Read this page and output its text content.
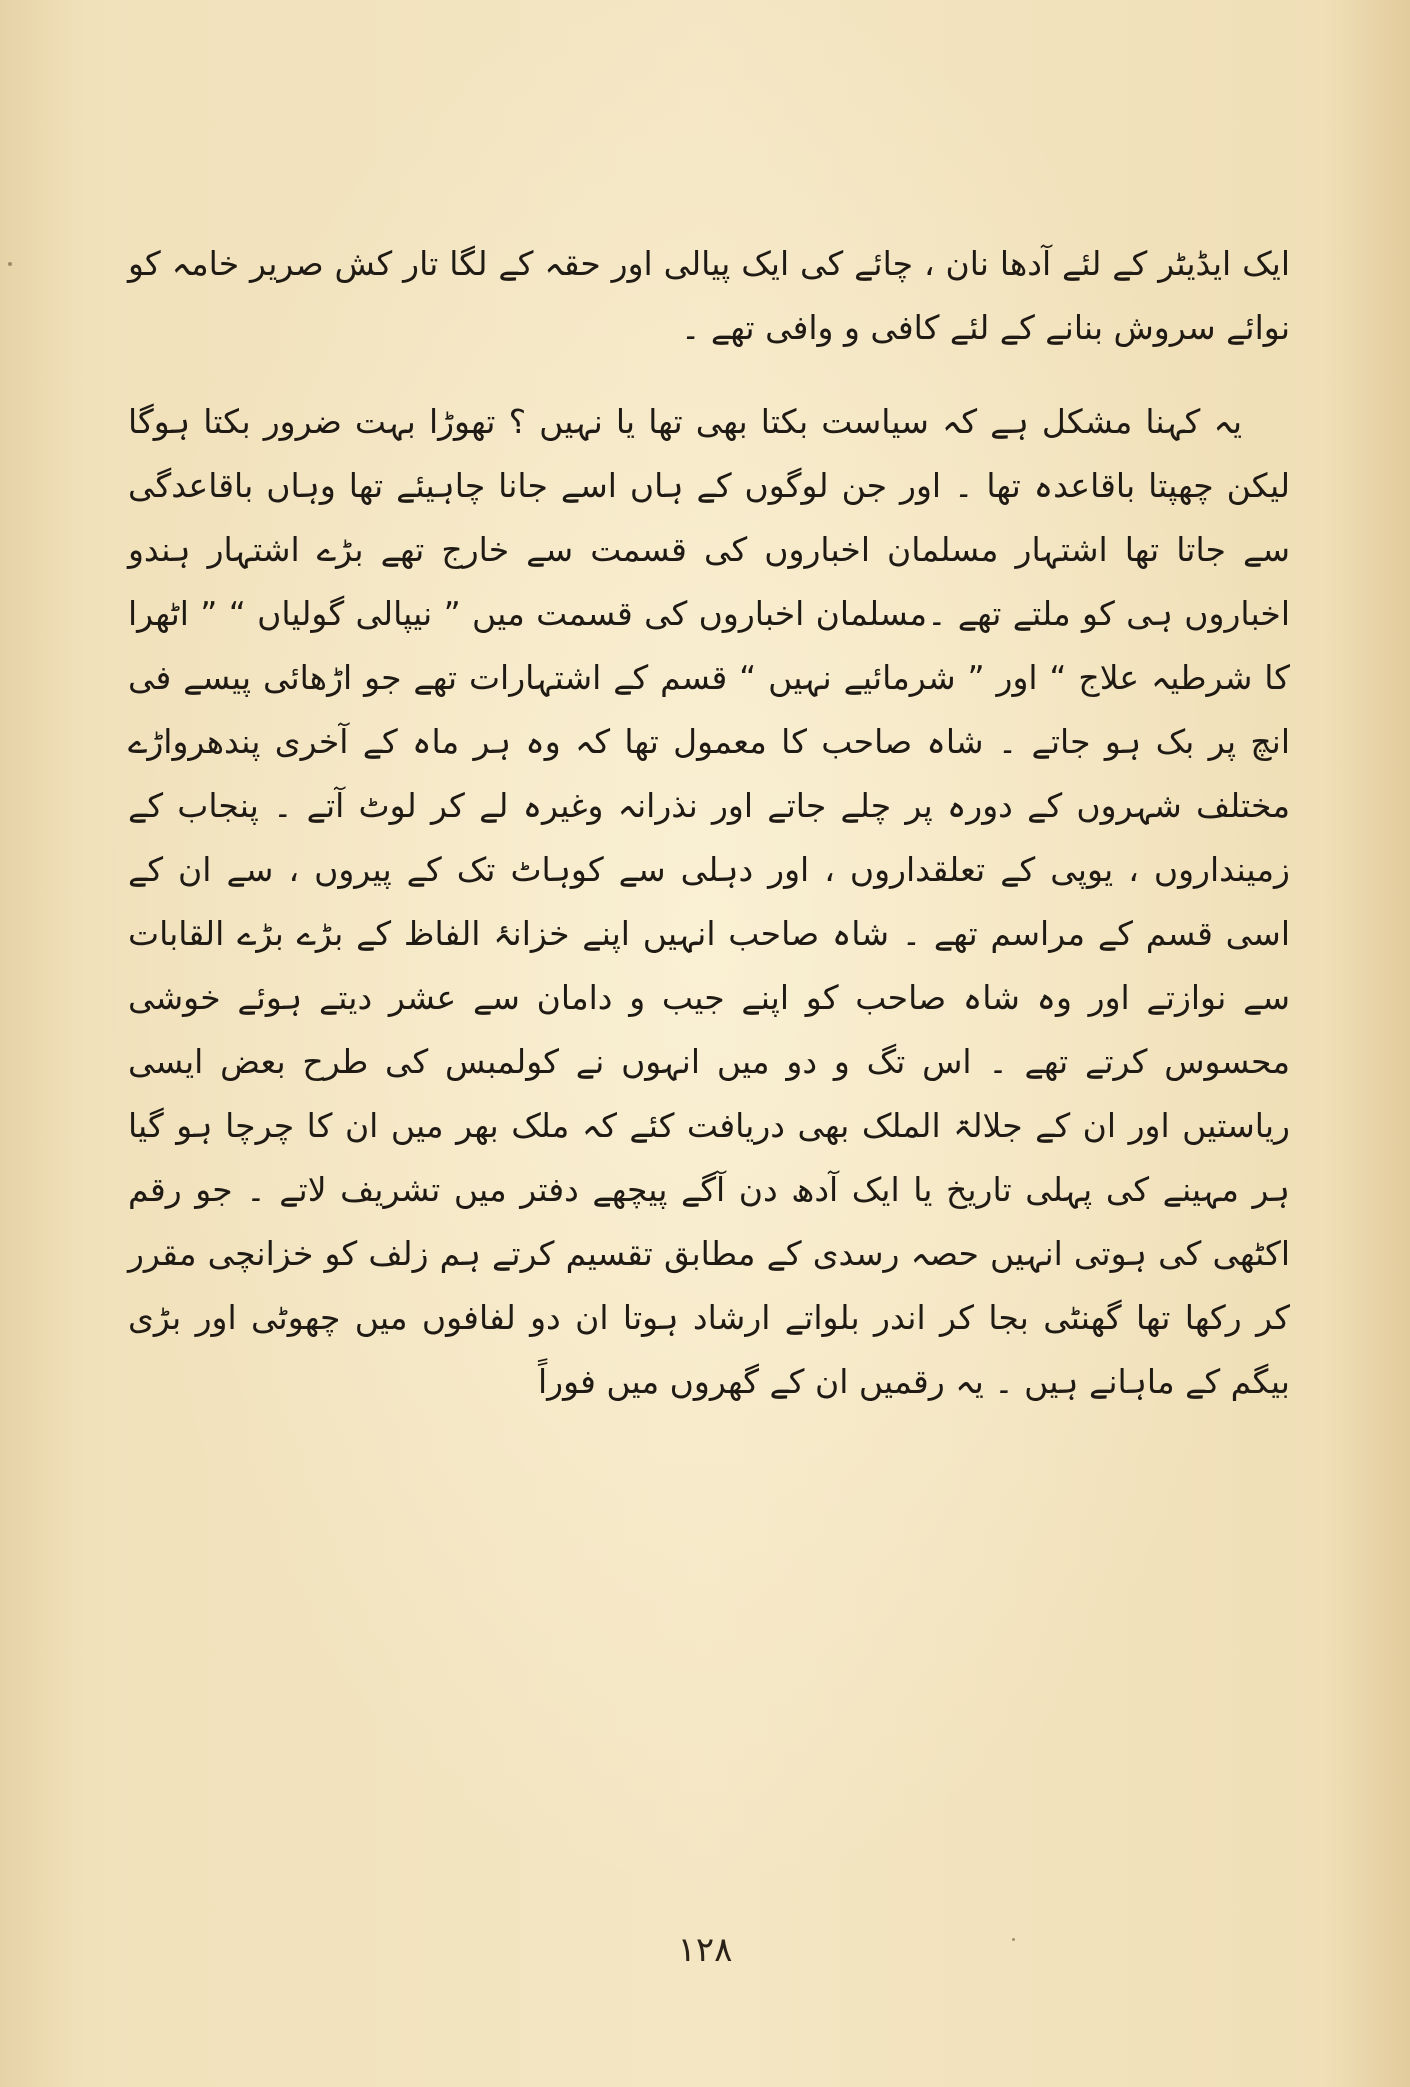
ایک ایڈیٹر کے لئے آدھا نان ، چائے کی ایک پیالی اور حقہ کے لگا تار کش صریر خامہ کو نوائے سروش بنانے کے لئے کافی و وافی تھے ۔

یہ کہنا مشکل ہے کہ سیاست بکتا بھی تھا یا نہیں ؟ تھوڑا بہت ضرور بکتا ہوگا لیکن چھپتا باقاعدہ تھا ۔ اور جن لوگوں کے ہاں اسے جانا چاہیئے تھا وہاں باقاعدگی سے جاتا تھا اشتہار مسلمان اخباروں کی قسمت سے خارج تھے بڑے اشتہار ہندو اخباروں ہی کو ملتے تھے ۔مسلمان اخباروں کی قسمت میں ” نیپالی گولیاں “ ” اٹھرا کا شرطیہ علاج “ اور ” شرمائیے نہیں “ قسم کے اشتہارات تھے جو اڑھائی پیسے فی انچ پر بک ہو جاتے ۔ شاہ صاحب کا معمول تھا کہ وہ ہر ماہ کے آخری پندھرواڑے مختلف شہروں کے دورہ پر چلے جاتے اور نذرانہ وغیرہ لے کر لوٹ آتے ۔ پنجاب کے زمینداروں ، یوپی کے تعلقداروں ، اور دہلی سے کوہاٹ تک کے پیروں ، سے ان کے اسی قسم کے مراسم تھے ۔ شاہ صاحب انہیں اپنے خزانۂ الفاظ کے بڑے بڑے القابات سے نوازتے اور وہ شاہ صاحب کو اپنے جیب و دامان سے عشر دیتے ہوئے خوشی محسوس کرتے تھے ۔ اس تگ و دو میں انہوں نے کولمبس کی طرح بعض ایسی ریاستیں اور ان کے جلالۃ الملک بھی دریافت کئے کہ ملک بھر میں ان کا چرچا ہو گیا ہر مہینے کی پہلی تاریخ یا ایک آدھ دن آگے پیچھے دفتر میں تشریف لاتے ۔ جو رقم اکٹھی کی ہوتی انہیں حصہ رسدی کے مطابق تقسیم کرتے ہم زلف کو خزانچی مقرر کر رکھا تھا گھنٹی بجا کر اندر بلواتے ارشاد ہوتا ان دو لفافوں میں چھوٹی اور بڑی بیگم کے ماہانے ہیں ۔ یہ رقمیں ان کے گھروں میں فوراً

١٢٨
